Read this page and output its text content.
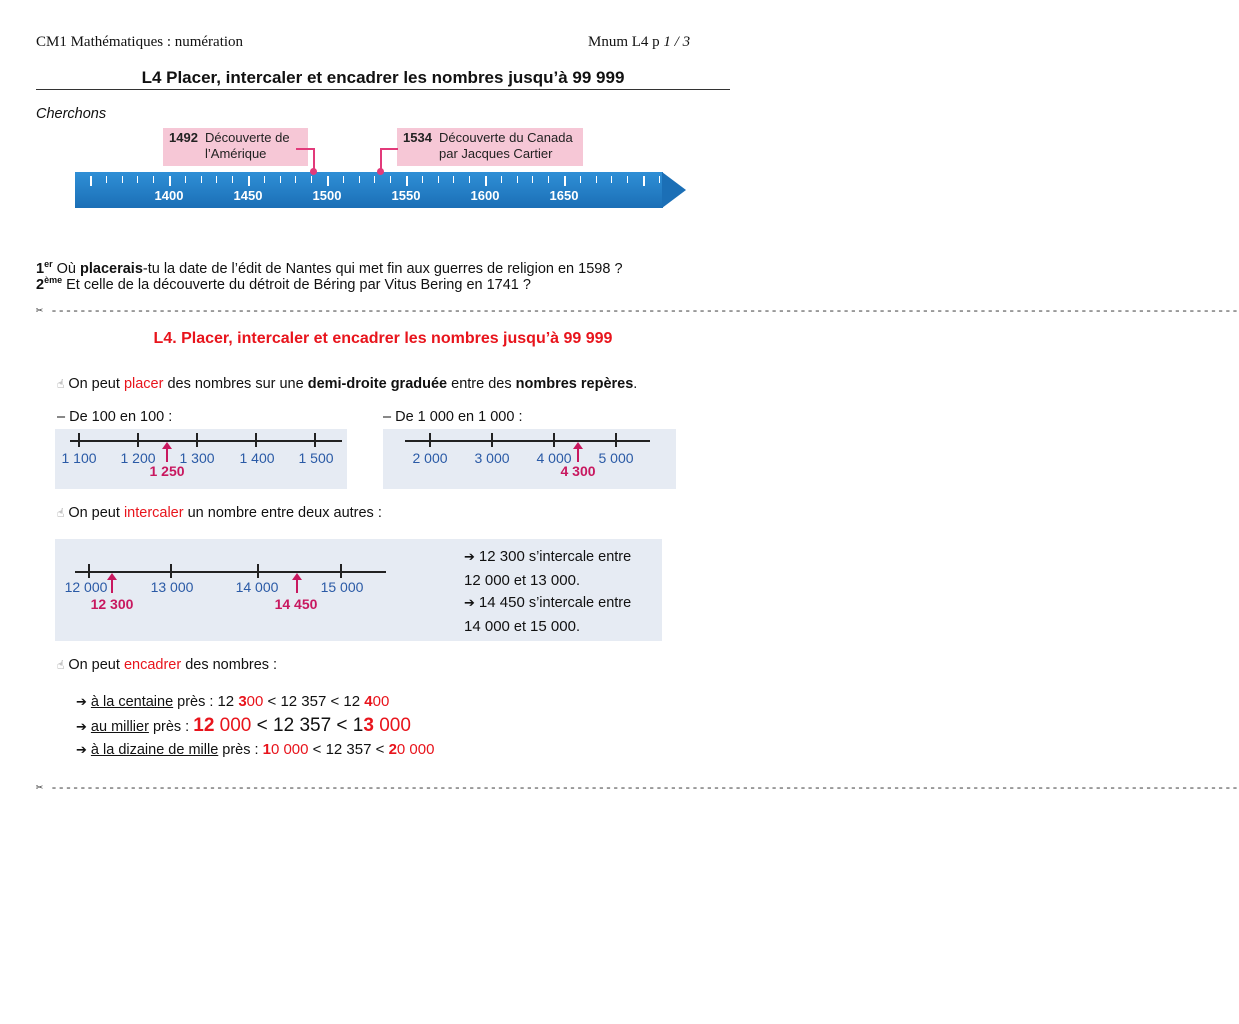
CM1 Mathématiques : numération	Mnum L4 p 1 / 3
L4 Placer, intercaler et encadrer les nombres jusqu’à 99 999
Cherchons
1400	1450	1500	1550	1600	1650
1492 Découverte de l’Amérique
1534 Découverte du Canada par Jacques Cartier
1er Où placerais-tu la date de l’édit de Nantes qui met fin aux guerres de religion en 1598 ?
2ème Et celle de la découverte du détroit de Béring par Vitus Bering en 1741 ?
✂ ---------------------------------------------------------------------------------------------------------------------------------------------------------------------
L4. Placer, intercaler et encadrer les nombres jusqu’à 99 999
☝ On peut placer des nombres sur une demi-droite graduée entre des nombres repères.
– De 100 en 100 :	– De 1 000 en 1 000 :
1 100 1 200 1 300 1 400 1 500
1 250
2 000 3 000 4 000 5 000
4 300
☝ On peut intercaler un nombre entre deux autres :
12 000	13 000	14 000	15 000
12 300	14 450
➔ 12 300 s’intercale entre
12 000 et 13 000.
➔ 14 450 s’intercale entre
14 000 et 15 000.
☝ On peut encadrer des nombres :
➔ à la centaine près : 12 300 < 12 357 < 12 400
➔ au millier près : 12 000 < 12 357 < 13 000
➔ à la dizaine de mille près : 10 000 < 12 357 < 20 000
✂ ---------------------------------------------------------------------------------------------------------------------------------------------------------------------
